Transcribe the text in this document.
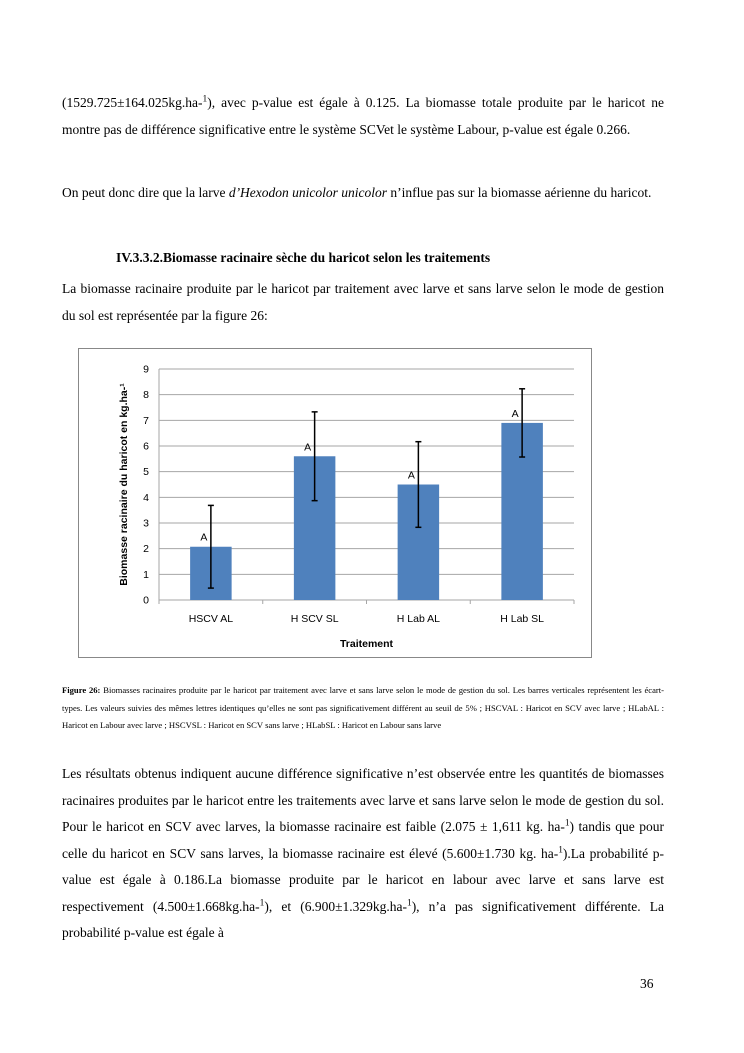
(1529.725±164.025kg.ha-$^1$), avec p-value est égale à 0.125. La biomasse totale produite par le haricot ne montre pas de différence significative entre le système SCVet le système Labour, p-value est égale 0.266.

On peut donc dire que la larve d’Hexodon unicolor unicolor n’influe pas sur la biomasse aérienne du haricot.

IV.3.3.2.Biomasse racinaire sèche du haricot selon les traitements

La biomasse racinaire produite par le haricot par traitement avec larve et sans larve selon le mode de gestion du sol est représentée par la figure 26:

0
1
2
3
4
5
6
7
8
9
A
HSCV AL
A
H SCV SL
A
H Lab AL
A
H Lab SL
Traitement
Biomasse racinaire du haricot en kg.ha-¹

Figure 26: Biomasses racinaires produite par le haricot par traitement avec larve et sans larve selon le mode de gestion du sol. Les barres verticales représentent les écart-types. Les valeurs suivies des mêmes lettres identiques qu’elles ne sont pas significativement différent au seuil de 5% ; HSCVAL : Haricot en SCV avec larve ; HLabAL : Haricot en Labour avec larve ; HSCVSL : Haricot en SCV sans larve ; HLabSL : Haricot en Labour sans larve

Les résultats obtenus indiquent aucune différence significative n’est observée entre les quantités de biomasses racinaires produites par le haricot entre les traitements avec larve et sans larve selon le mode de gestion du sol. Pour le haricot en SCV avec larves, la biomasse racinaire est faible (2.075 ± 1,611 kg. ha-$^1$) tandis que pour celle du haricot en SCV sans larves, la biomasse racinaire est élevé (5.600±1.730 kg. ha-$^1$).La probabilité p-value est égale à 0.186.La biomasse produite par le haricot en labour avec larve et sans larve est respectivement (4.500±1.668kg.ha-$^1$), et (6.900±1.329kg.ha-$^1$), n’a pas significativement différente. La probabilité p-value est égale à

36
